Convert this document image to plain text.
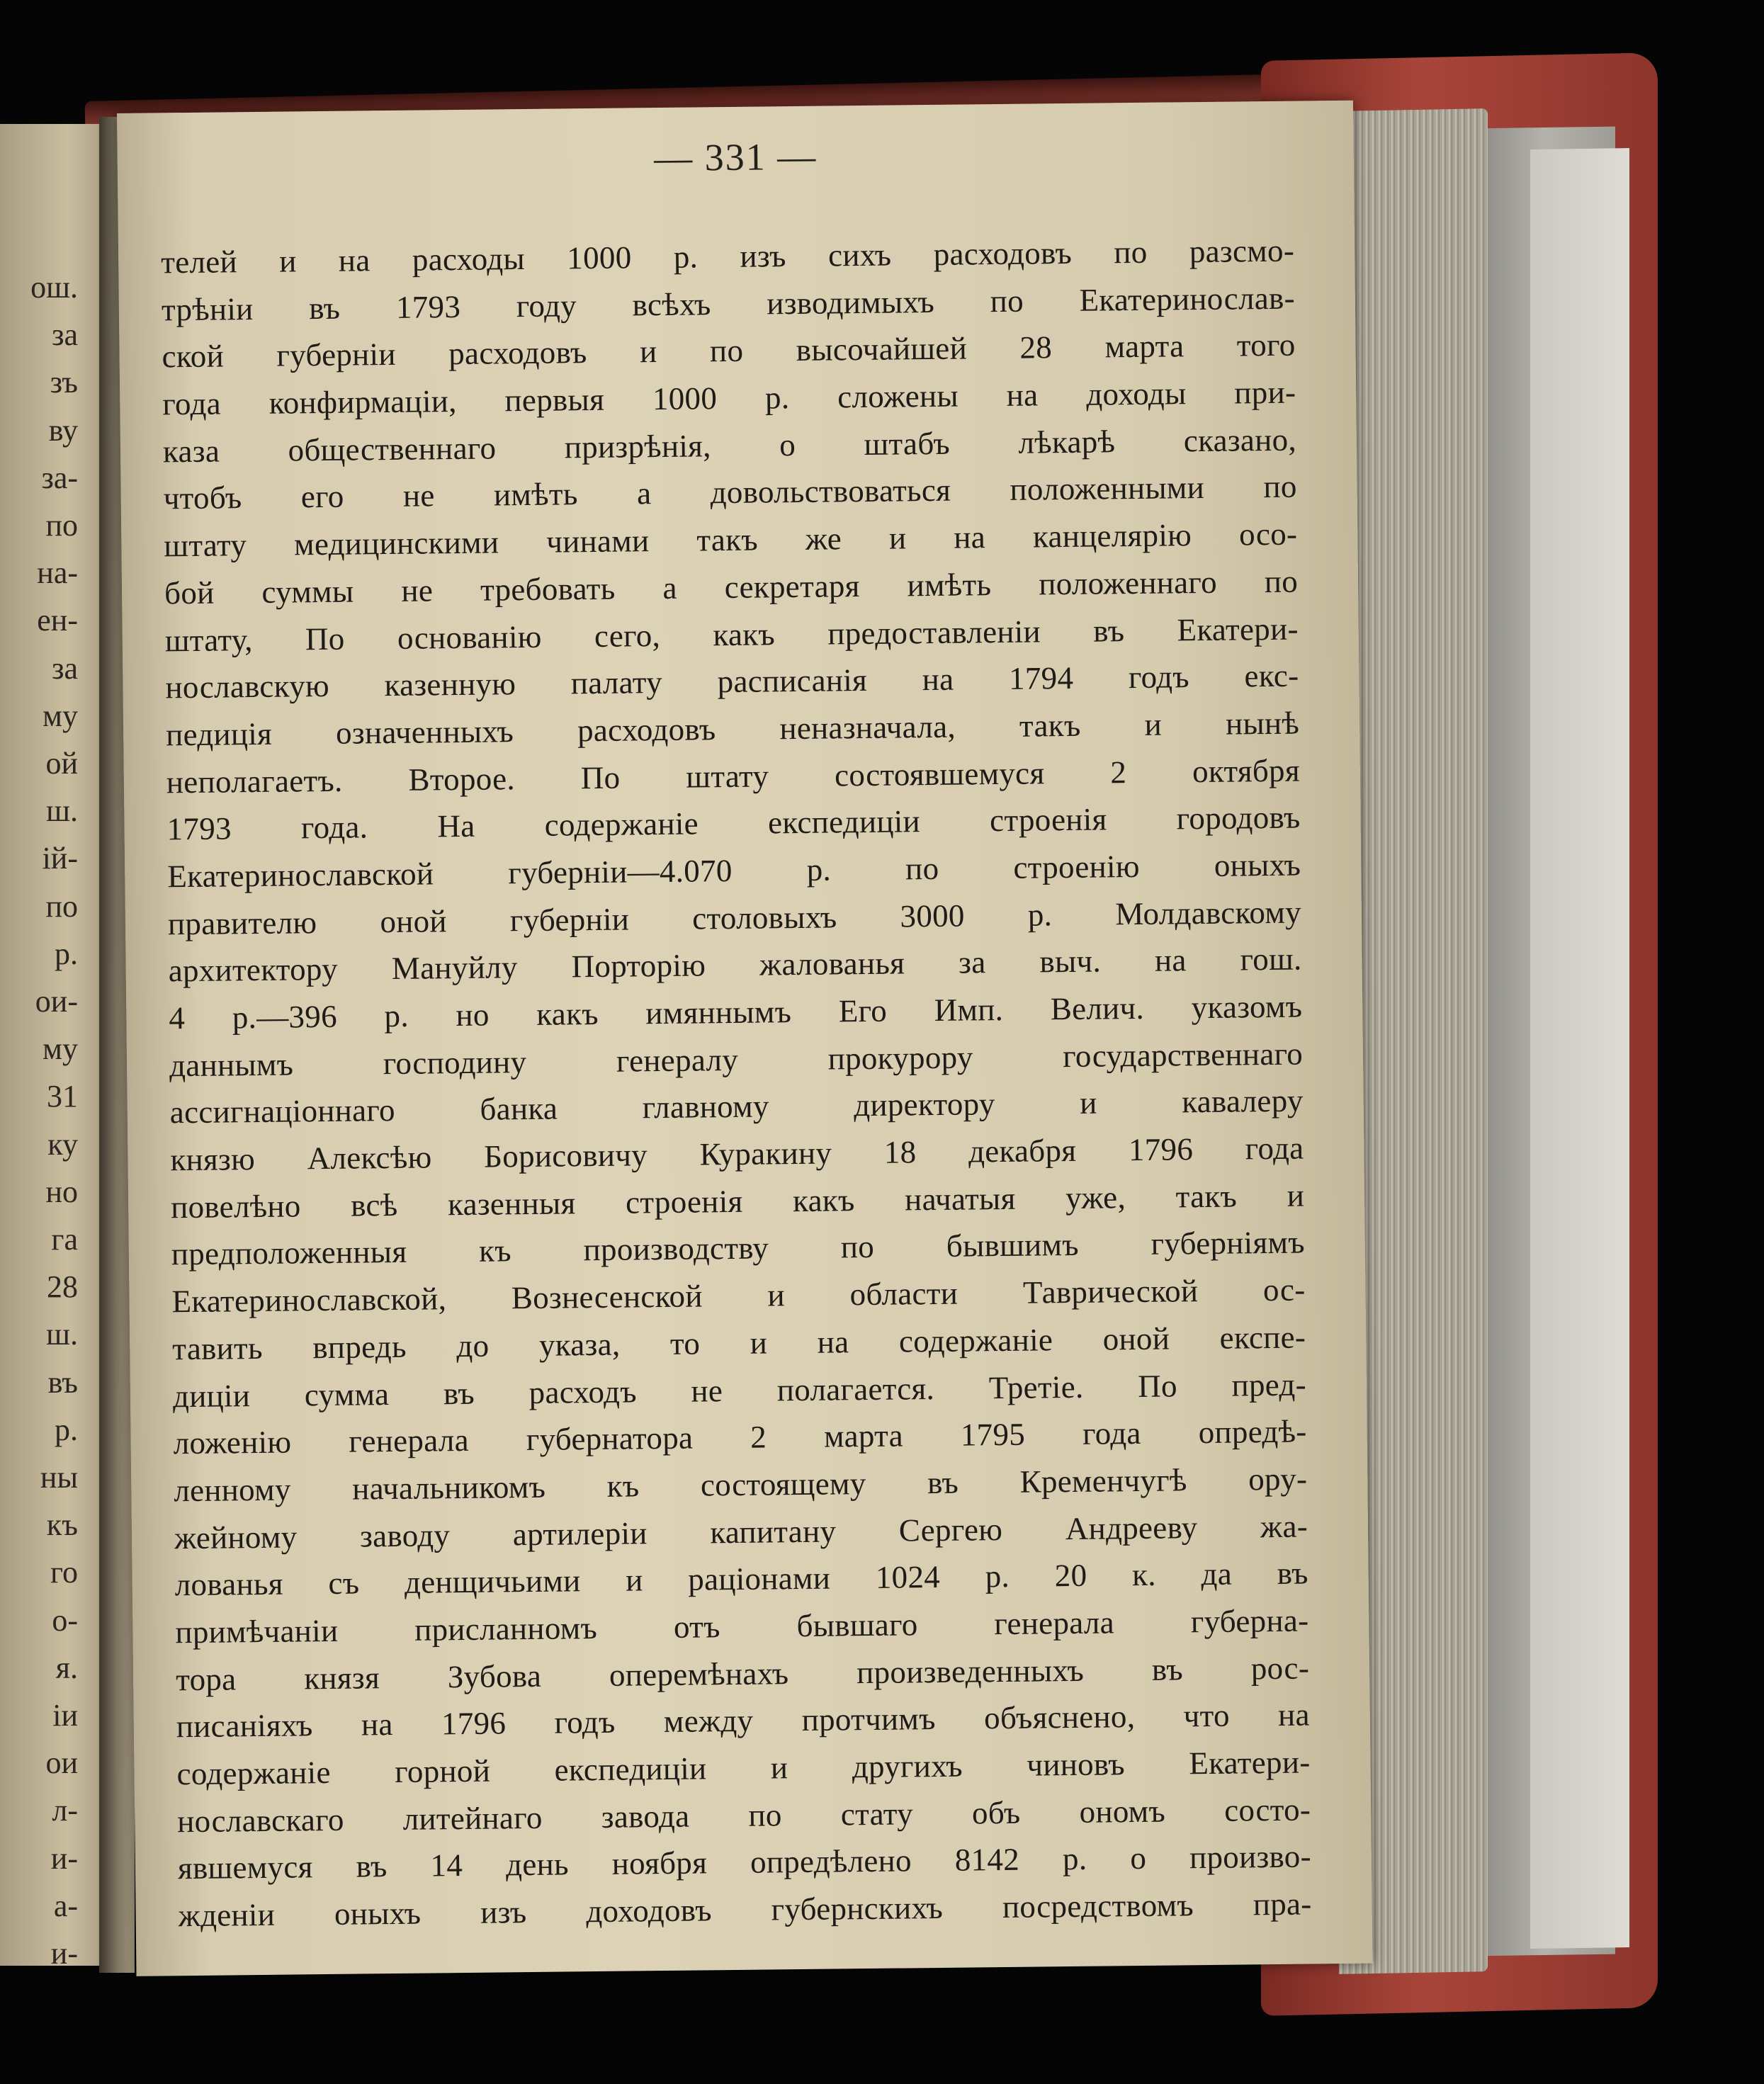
ош.
за
зъ
ву
за-
по
на-
ен-
за
му
ой
ш.
ій-
по
р.
ои-
му
31
ку
но
га
28
ш.
въ
р.
ны
къ
го
о-
я.
іи
ои
л-
и-
а-
и-
— 331 —
телей и на расходы 1000 р. изъ сихъ расходовъ по разсмо-
трѣніи въ 1793 году всѣхъ изводимыхъ по Екатеринослав-
ской губерніи расходовъ и по высочайшей 28 марта того
года конфирмаціи, первыя 1000 р. сложены на доходы при-
каза общественнаго призрѣнія, о штабъ лѣкарѣ сказано,
чтобъ его не имѣть а довольствоваться положенными по
штату медицинскими чинами такъ же и на канцелярію осо-
бой суммы не требовать а секретаря имѣть положеннаго по
штату, По основанію сего, какъ предоставленіи въ Екатери-
нославскую казенную палату расписанія на 1794 годъ екс-
педиція означенныхъ расходовъ неназначала, такъ и нынѣ
неполагаетъ. Второе. По штату состоявшемуся 2 октября
1793 года. На содержаніе експедиціи строенія городовъ
Екатеринославской губерніи—4.070 р. по строенію оныхъ
правителю оной губерніи столовыхъ 3000 р. Молдавскому
архитектору Мануйлу Порторію жалованья за выч. на гош.
4 р.—396 р. но какъ имяннымъ Его Имп. Велич. указомъ
даннымъ господину генералу прокурору государственнаго
ассигнаціоннаго банка главному директору и кавалеру
князю Алексѣю Борисовичу Куракину 18 декабря 1796 года
повелѣно всѣ казенныя строенія какъ начатыя уже, такъ и
предположенныя къ производству по бывшимъ губерніямъ
Екатеринославской, Вознесенской и области Таврической ос-
тавить впредь до указа, то и на содержаніе оной експе-
диціи сумма въ расходъ не полагается. Третіе. По пред-
ложенію генерала губернатора 2 марта 1795 года опредѣ-
ленному начальникомъ къ состоящему въ Кременчугѣ ору-
жейному заводу артилеріи капитану Сергею Андрееву жа-
лованья съ денщичьими и раціонами 1024 р. 20 к. да въ
примѣчаніи присланномъ отъ бывшаго генерала губерна-
тора князя Зубова оперемѣнахъ произведенныхъ въ рос-
писаніяхъ на 1796 годъ между протчимъ объяснено, что на
содержаніе горной експедиціи и другихъ чиновъ Екатери-
нославскаго литейнаго завода по стату объ ономъ состо-
явшемуся въ 14 день ноября опредѣлено 8142 р. о произво-
жденіи оныхъ изъ доходовъ губернскихъ посредствомъ пра-
